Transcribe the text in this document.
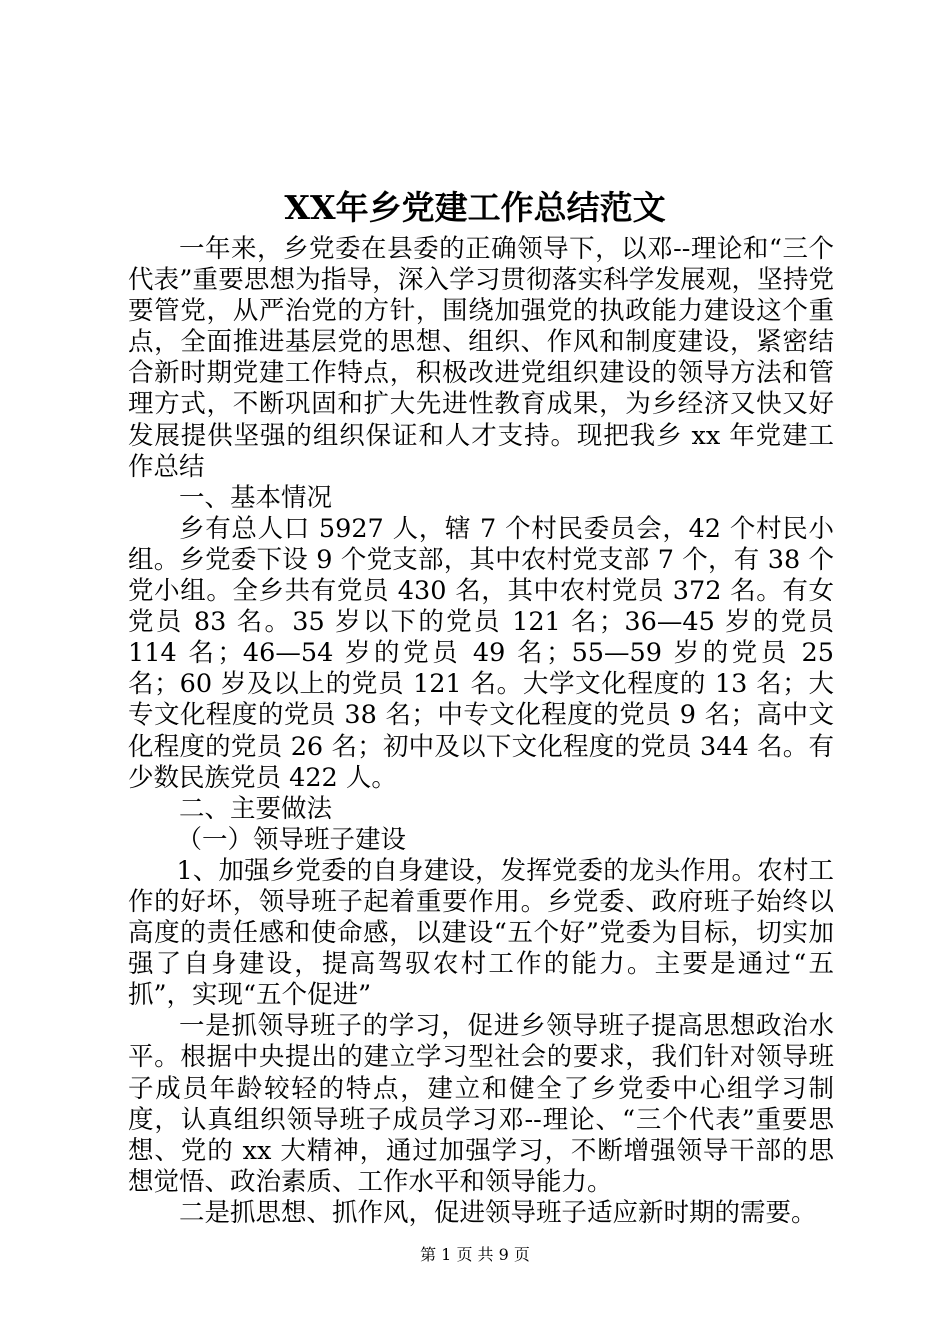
XX年乡党建工作总结范文

一年来，乡党委在县委的正确领导下，以邓--理论和“三个代表”重要思想为指导，深入学习贯彻落实科学发展观，坚持党要管党，从严治党的方针，围绕加强党的执政能力建设这个重点，全面推进基层党的思想、组织、作风和制度建设，紧密结合新时期党建工作特点，积极改进党组织建设的领导方法和管理方式，不断巩固和扩大先进性教育成果，为乡经济又快又好发展提供坚强的组织保证和人才支持。现把我乡 xx 年党建工作总结

一、基本情况

乡有总人口 5927 人，辖 7 个村民委员会，42 个村民小组。乡党委下设 9 个党支部，其中农村党支部 7 个，有 38 个党小组。全乡共有党员 430 名，其中农村党员 372 名。有女党员 83 名。35 岁以下的党员 121 名；36—45 岁的党员 114 名；46—54 岁的党员 49 名；55—59 岁的党员 25 名；60 岁及以上的党员 121 名。大学文化程度的 13 名；大专文化程度的党员 38 名；中专文化程度的党员 9 名；高中文化程度的党员 26 名；初中及以下文化程度的党员 344 名。有少数民族党员 422 人。

二、主要做法

（一）领导班子建设

1、加强乡党委的自身建设，发挥党委的龙头作用。农村工作的好坏，领导班子起着重要作用。乡党委、政府班子始终以高度的责任感和使命感，以建设“五个好”党委为目标，切实加强了自身建设，提高驾驭农村工作的能力。主要是通过“五抓”，实现“五个促进”

一是抓领导班子的学习，促进乡领导班子提高思想政治水平。根据中央提出的建立学习型社会的要求，我们针对领导班子成员年龄较轻的特点，建立和健全了乡党委中心组学习制度，认真组织领导班子成员学习邓--理论、“三个代表”重要思想、党的 xx 大精神，通过加强学习，不断增强领导干部的思想觉悟、政治素质、工作水平和领导能力。

二是抓思想、抓作风，促进领导班子适应新时期的需要。

第 1 页 共 9 页
